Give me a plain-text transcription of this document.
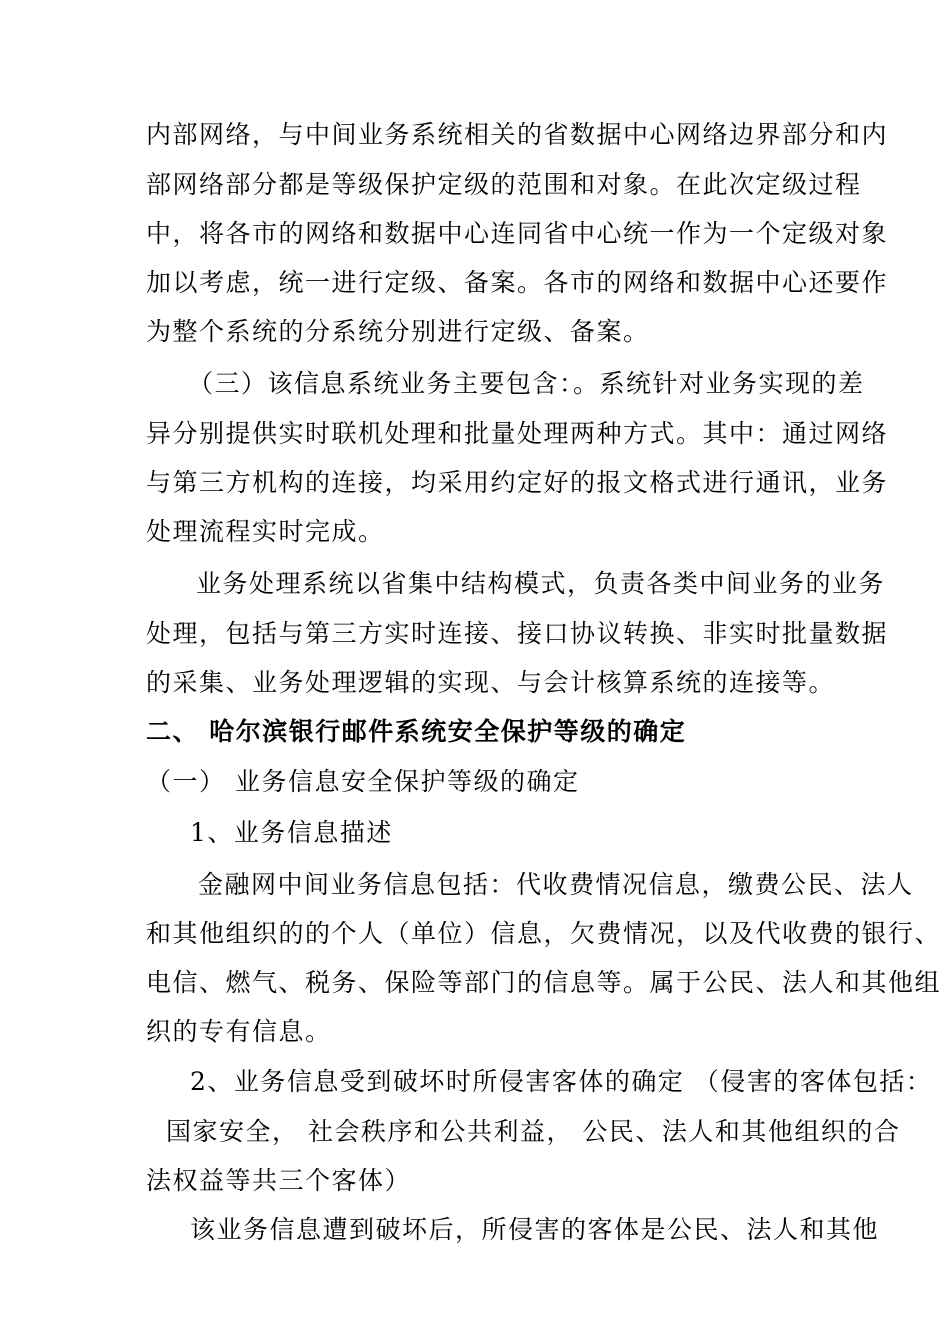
内部网络，与中间业务系统相关的省数据中心网络边界部分和内
部网络部分都是等级保护定级的范围和对象。在此次定级过程
中，将各市的网络和数据中心连同省中心统一作为一个定级对象
加以考虑，统一进行定级、备案。各市的网络和数据中心还要作
为整个系统的分系统分别进行定级、备案。
（三）该信息系统业务主要包含：。系统针对业务实现的差
异分别提供实时联机处理和批量处理两种方式。其中：通过网络
与第三方机构的连接，均采用约定好的报文格式进行通讯，业务
处理流程实时完成。
业务处理系统以省集中结构模式，负责各类中间业务的业务
处理，包括与第三方实时连接、接口协议转换、非实时批量数据
的采集、业务处理逻辑的实现、与会计核算系统的连接等。
二、 哈尔滨银行邮件系统安全保护等级的确定
（一） 业务信息安全保护等级的确定
1、业务信息描述
金融网中间业务信息包括：代收费情况信息，缴费公民、法人
和其他组织的的个人（单位）信息，欠费情况，以及代收费的银行、
电信、燃气、税务、保险等部门的信息等。属于公民、法人和其他组
织的专有信息。
2、业务信息受到破坏时所侵害客体的确定 （侵害的客体包括：
国家安全， 社会秩序和公共利益， 公民、法人和其他组织的合
法权益等共三个客体）
该业务信息遭到破坏后，所侵害的客体是公民、法人和其他
